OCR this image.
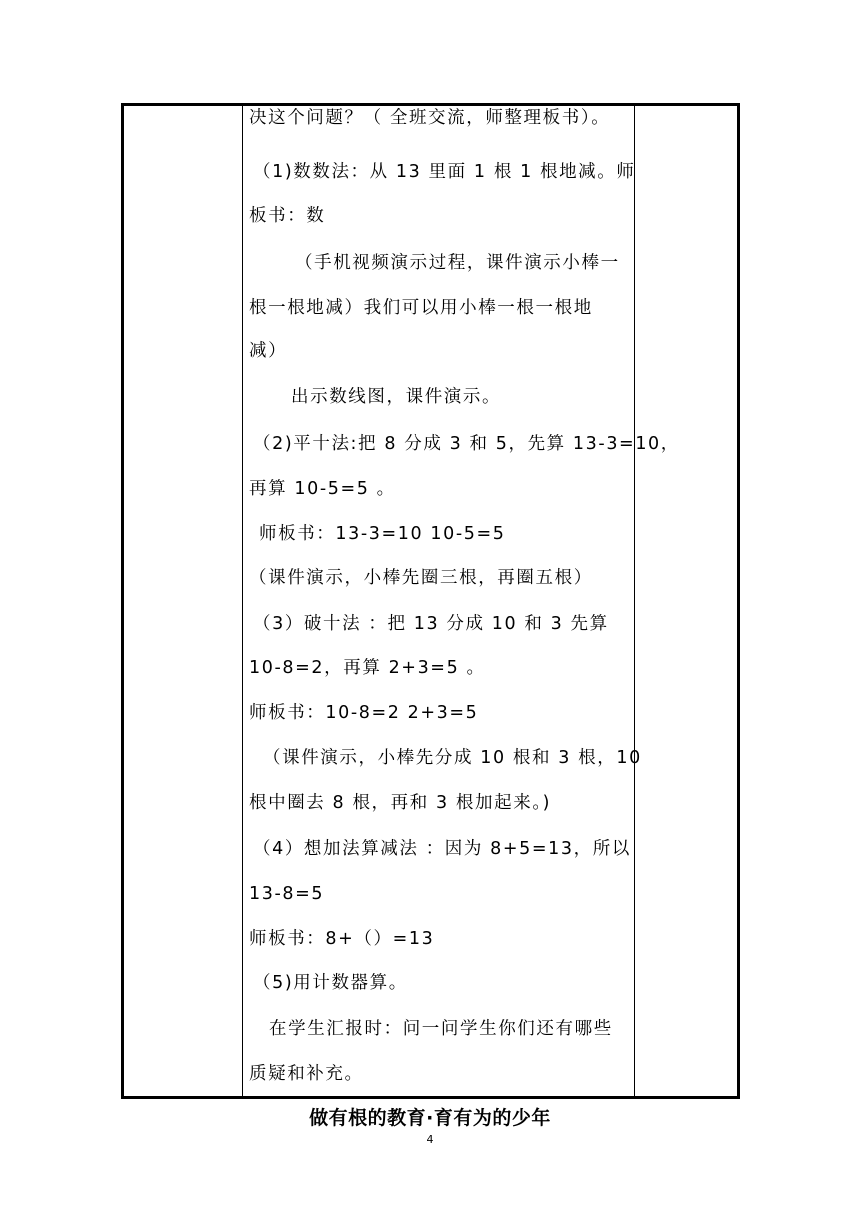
决这个问题？（ 全班交流，师整理板书）。
（1)数数法：从 13 里面 1 根 1 根地减。师
板书：数
（手机视频演示过程，课件演示小棒一
根一根地减）我们可以用小棒一根一根地
减）
出示数线图，课件演示。
（2)平十法:把 8 分成 3 和 5，先算 13-3=10，
再算 10-5=5 。
师板书：13-3=10 10-5=5
（课件演示，小棒先圈三根，再圈五根）
（3）破十法 ：把 13 分成 10 和 3 先算
10-8=2，再算 2+3=5 。
师板书：10-8=2 2+3=5
（课件演示，小棒先分成 10 根和 3 根，10
根中圈去 8 根，再和 3 根加起来。)
（4）想加法算减法 ：因为 8+5=13，所以
13-8=5
师板书：8+（）=13
（5)用计数器算。
在学生汇报时：问一问学生你们还有哪些
质疑和补充。
做有根的教育·育有为的少年
4
